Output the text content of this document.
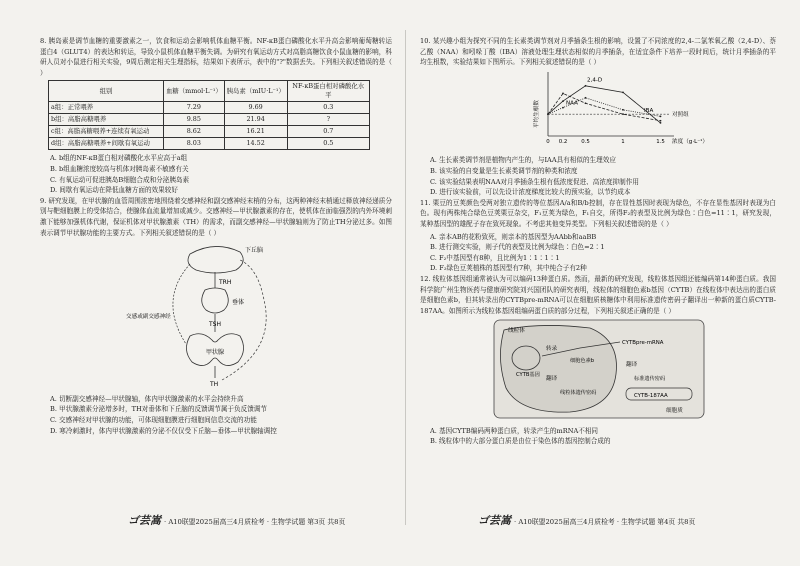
8. 胰岛素是调节血糖的重要激素之一，饮食和运动会影响机体血糖平衡。NF-κB蛋白磷酸化水平升高会影响葡萄糖转运蛋白4（GLUT4）的表达和转运，导致小鼠机体血糖平衡失调。为研究有氧运动方式对高脂高糖饮食小鼠血糖的影响，科研人员对小鼠进行相关实验，9周后测定相关生理指标，结果如下表所示，表中的"?"数据丢失。下列相关叙述错误的是（ ）

组别	血糖（mmol·L⁻¹）	胰岛素（mIU·L⁻¹）	NF-κB蛋白相对磷酸化水平
a组：正常喂养	7.29	9.69	0.3
b组：高脂高糖喂养	9.85	21.94	?
c组：高脂高糖喂养+连续有氧运动	8.62	16.21	0.7
d组：高脂高糖喂养+间歇有氧运动	8.03	14.52	0.5

A. b组的NF-κB蛋白相对磷酸化水平应高于a组

B. b组血糖浓度较高与机体对胰岛素不敏感有关

C. 有氧运动可促进胰岛B细胞合成和分泌胰岛素

D. 间歇有氧运动在降低血糖方面的效果较好

9. 研究发现，在甲状腺的血管周围浓密地围绕着交感神经和副交感神经末梢的分布，这两种神经末梢通过释放神经递质分别与靶细胞膜上的受体结合，使腺体血流量增加或减少。交感神经—甲状腺激素的存在，使机体在面临强烈的内外环境刺激下能够加强机体代谢，保证机体对甲状腺激素（TH）的需求，而副交感神经—甲状腺轴则为了防止TH分泌过多。如图表示调节甲状腺功能的主要方式。下列相关叙述错误的是（ ）

下丘脑
TRH
垂体
TSH
甲状腺
TH
交感或副交感神经

A. 切断副交感神经—甲状腺轴，体内甲状腺激素的水平会持续升高

B. 甲状腺激素分泌增多时，TH对垂体和下丘脑的反馈调节属于负反馈调节

C. 交感神经对甲状腺的功能，可体现细胞膜进行细胞间信息交流的功能

D. 寒冷刺激时，体内甲状腺激素的分泌不仅仅受下丘脑—垂体—甲状腺轴调控

10. 某兴趣小组为探究不同的生长素类调节剂对月季插条生根的影响，设置了不同浓度的2,4-二氯苯氧乙酸（2,4-D）、萘乙酸（NAA）和吲哚丁酸（IBA）溶液处理生理状态相似的月季插条，在适宜条件下培养一段时间后，统计月季插条的平均生根数，实验结果如下图所示。下列相关叙述错误的是（ ）

平均生根数
浓度（g·L⁻¹）
对照组
2,4-D
NAA
IBA
0 0.2	0.5	1	1.5

A. 生长素类调节剂是植物内产生的，与IAA具有相似的生理效应

B. 该实验的自变量是生长素类调节剂的种类和浓度

C. 该实验结果表明NAA对月季插条生根有低浓度促进、高浓度抑制作用

D. 进行该实验前，可以先设计浓度梯度比较大的预实验，以节约成本

11. 栗豆的豆荚颜色受两对独立遗传的等位基因A/a和B/b控制，存在显性基因时表现为绿色，不存在显性基因时表现为白色。现有两株纯合绿色豆荚栗豆杂交，F₁豆荚为绿色，F₁自交，所得F₂的表型及比例为绿色∶白色=11∶1，研究发现，某种基因型的雄配子存在致死现象。不考虑其他变异类型。下列相关叙述错误的是（ ）

A. 亲本AB的花粉致死，则亲本的基因型为AAbb和aaBB

B. 进行测交实验，则子代的表型及比例为绿色∶白色=2∶1

C. F₂中基因型有8种，且比例为1∶1∶1∶1

D. F₂绿色豆荚植株的基因型有7种，其中纯合子有2种

12. 线粒体基因组通常被认为可以编码13种蛋白质。然而，最新的研究发现，线粒体基因组还能编码第14种蛋白质。我国科学院广州生物医药与健康研究院刘兴国团队的研究表明，线粒体的细胞色素b基因（CYTB）在线粒体中表达出的蛋白质是细胞色素b，但其转录出的CYTBpre-mRNA可以在细胞质核糖体中利用标准遗传密码子翻译出一种新的蛋白质CYTB-187AA。如图所示为线粒体基因组编码蛋白质的部分过程，下列相关叙述正确的是（ ）

线粒体
CYTB基因
转录
CYTBpre-mRNA
翻译
翻译
细胞色素b
线粒体遗传密码
标准遗传密码
CYTB-187AA
细胞质

A. 基因CYTB编码两种蛋白质，转录产生的mRNA不相同

B. 线粒体中的大部分蛋白质是由位于染色体的基因控制合成的

ゴ芸嵩 · A10联盟2025届高三4月质检考 · 生物学试题 第3页 共8页	ゴ芸嵩 · A10联盟2025届高三4月质检考 · 生物学试题 第4页 共8页
